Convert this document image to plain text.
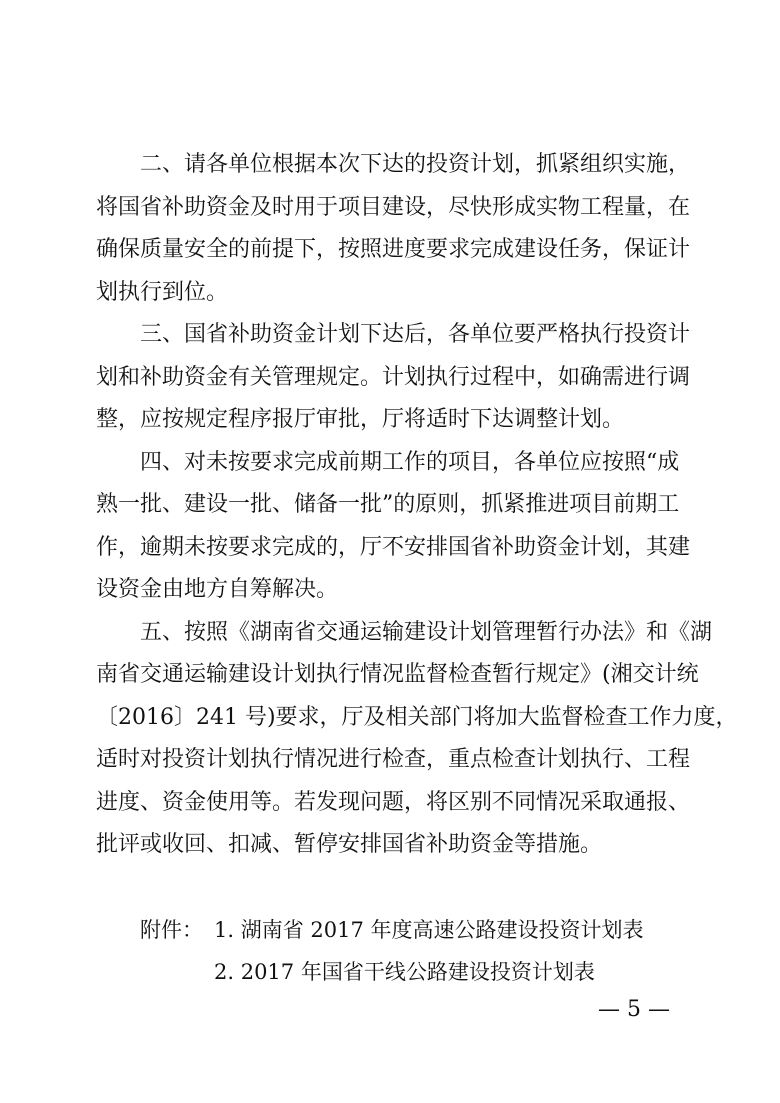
二、请各单位根据本次下达的投资计划，抓紧组织实施，
将国省补助资金及时用于项目建设，尽快形成实物工程量，在
确保质量安全的前提下，按照进度要求完成建设任务，保证计
划执行到位。
三、国省补助资金计划下达后，各单位要严格执行投资计
划和补助资金有关管理规定。计划执行过程中，如确需进行调
整，应按规定程序报厅审批，厅将适时下达调整计划。
四、对未按要求完成前期工作的项目，各单位应按照“成
熟一批、建设一批、储备一批”的原则，抓紧推进项目前期工
作，逾期未按要求完成的，厅不安排国省补助资金计划，其建
设资金由地方自筹解决。
五、按照《湖南省交通运输建设计划管理暂行办法》和《湖
南省交通运输建设计划执行情况监督检查暂行规定》(湘交计统
〔2016〕241 号)要求，厅及相关部门将加大监督检查工作力度，
适时对投资计划执行情况进行检查，重点检查计划执行、工程
进度、资金使用等。若发现问题，将区别不同情况采取通报、
批评或收回、扣减、暂停安排国省补助资金等措施。
附件： 1. 湖南省 2017 年度高速公路建设投资计划表
2. 2017 年国省干线公路建设投资计划表
— 5 —
